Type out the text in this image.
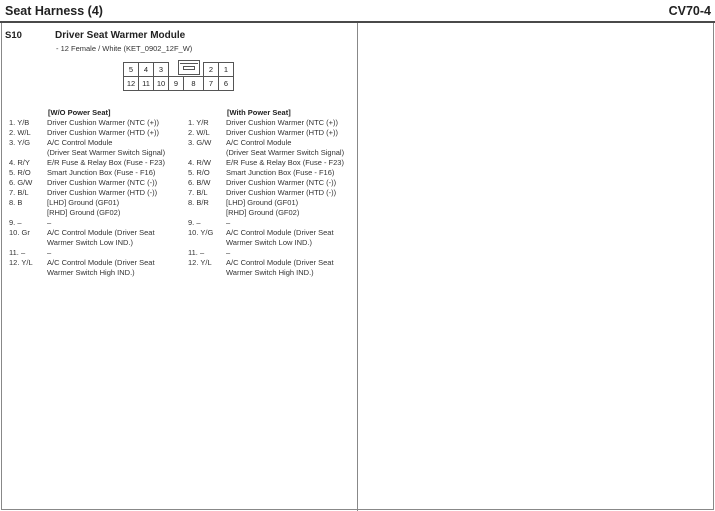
Seat Harness (4)	CV70-4
S10	Driver Seat Warmer Module
- 12 Female / White (KET_0902_12F_W)
5	4	3	2	1
12 11 10	9	8	7	6
[W/O Power Seat]	[With Power Seat]
1. Y/B Driver Cushion Warmer (NTC (+))
2. W/L Driver Cushion Warmer (HTD (+))
3. Y/G A/C Control Module
(Driver Seat Warmer Switch Signal)
4. R/Y E/R Fuse & Relay Box (Fuse - F23)
5. R/O Smart Junction Box (Fuse - F16)
6. G/W Driver Cushion Warmer (NTC (-))
7. B/L Driver Cushion Warmer (HTD (-))
8. B	[LHD] Ground (GF01)
[RHD] Ground (GF02)
9. –	–
10. Gr A/C Control Module (Driver Seat
Warmer Switch Low IND.)
11. –	–
12. Y/L A/C Control Module (Driver Seat
Warmer Switch High IND.)
1. Y/R Driver Cushion Warmer (NTC (+))
2. W/L Driver Cushion Warmer (HTD (+))
3. G/W A/C Control Module
(Driver Seat Warmer Switch Signal)
4. R/W E/R Fuse & Relay Box (Fuse - F23)
5. R/O Smart Junction Box (Fuse - F16)
6. B/W Driver Cushion Warmer (NTC (-))
7. B/L Driver Cushion Warmer (HTD (-))
8. B/R [LHD] Ground (GF01)
[RHD] Ground (GF02)
9. –	–
10. Y/G A/C Control Module (Driver Seat
Warmer Switch Low IND.)
11. –	–
12. Y/L A/C Control Module (Driver Seat
Warmer Switch High IND.)
